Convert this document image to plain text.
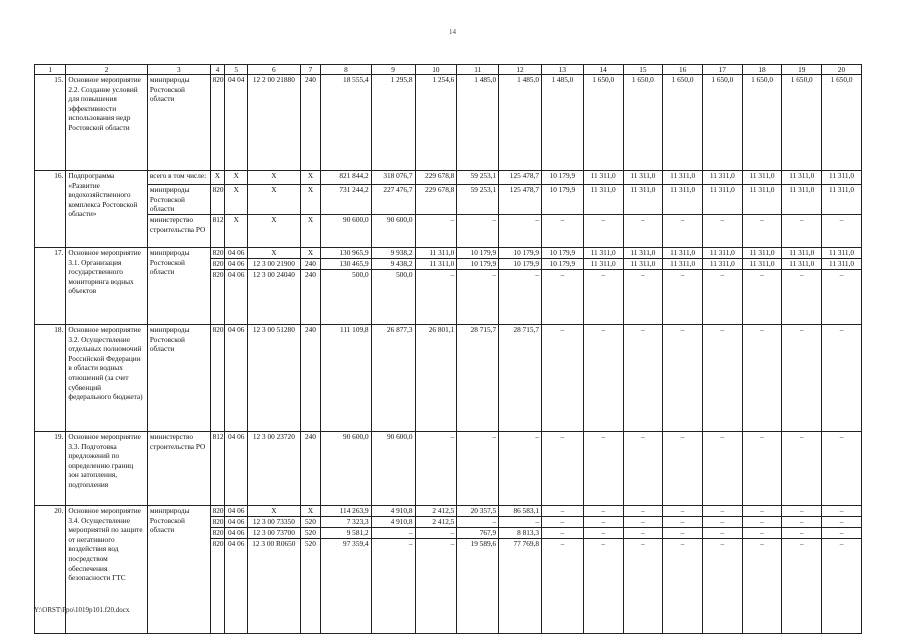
14
1	2	3	4	5	6	7	8	9	10	11	12	13	14	15	16	17	18	19	20
15.	Основное мероприятие 2.2. Создание условий для повышения эффективности использования недр Ростовской области	минприроды Ростовской области	820	04 04	12 2 00 21880	240	18 555,4	1 295,8	1 254,6	1 485,0	1 485,0	1 485,0	1 650,0	1 650,0	1 650,0	1 650,0	1 650,0	1 650,0	1 650,0
16.	Подпрограмма «Развитие водохозяйственного комплекса Ростовской области»	всего в том числе:	X	X	X	X	821 844,2	318 076,7	229 678,8	59 253,1	125 478,7	10 179,9	11 311,0	11 311,0	11 311,0	11 311,0	11 311,0	11 311,0	11 311,0
		минприроды Ростовской области	820	X	X	X	731 244,2	227 476,7	229 678,8	59 253,1	125 478,7	10 179,9	11 311,0	11 311,0	11 311,0	11 311,0	11 311,0	11 311,0	11 311,0
		министерство строительства РО	812	X	X	X	90 600,0	90 600,0	–	–	–	–	–	–	–	–	–	–	–
17.	Основное мероприятие 3.1. Организация государственного мониторинга водных объектов	минприроды Ростовской области	820	04 06	X	X	130 965,9	9 938,2	11 311,0	10 179,9	10 179,9	10 179,9	11 311,0	11 311,0	11 311,0	11 311,0	11 311,0	11 311,0	11 311,0
			820	04 06	12 3 00 21900	240	130 465,9	9 438,2	11 311,0	10 179,9	10 179,9	10 179,9	11 311,0	11 311,0	11 311,0	11 311,0	11 311,0	11 311,0	11 311,0
			820	04 06	12 3 00 24040	240	500,0	500,0	–	–	–	–	–	–	–	–	–	–	–
18.	Основное мероприятие 3.2. Осуществление отдельных полномочий Российской Федерации в области водных отношений (за счет субвенций федерального бюджета)	минприроды Ростовской области	820	04 06	12 3 00 51280	240	111 109,8	26 877,3	26 801,1	28 715,7	28 715,7	–	–	–	–	–	–	–	–
19.	Основное мероприятие 3.3. Подготовка предложений по определению границ зон затопления, подтопления	министерство строительства РО	812	04 06	12 3 00 23720	240	90 600,0	90 600,0	–	–	–	–	–	–	–	–	–	–	–
20.	Основное мероприятие 3.4. Осуществление мероприятий по защите от негативного воздействия вод посредством обеспечения безопасности ГТС	минприроды Ростовской области	820	04 06	X	X	114 263,9	4 910,8	2 412,5	20 357,5	86 583,1	–	–	–	–	–	–	–	–
			820	04 06	12 3 00 73350	520	7 323,3	4 910,8	2 412,5	–	–	–	–	–	–	–	–	–	–
			820	04 06	12 3 00 73700	520	9 581,2	–	–	767,9	8 813,3	–	–	–	–	–	–	–	–
			820	04 06	12 3 00 R0650	520	97 359,4	–	–	19 589,6	77 769,8	–	–	–	–	–	–	–	–
Y:\ORST\Ppo\1019p101.f20.docx
